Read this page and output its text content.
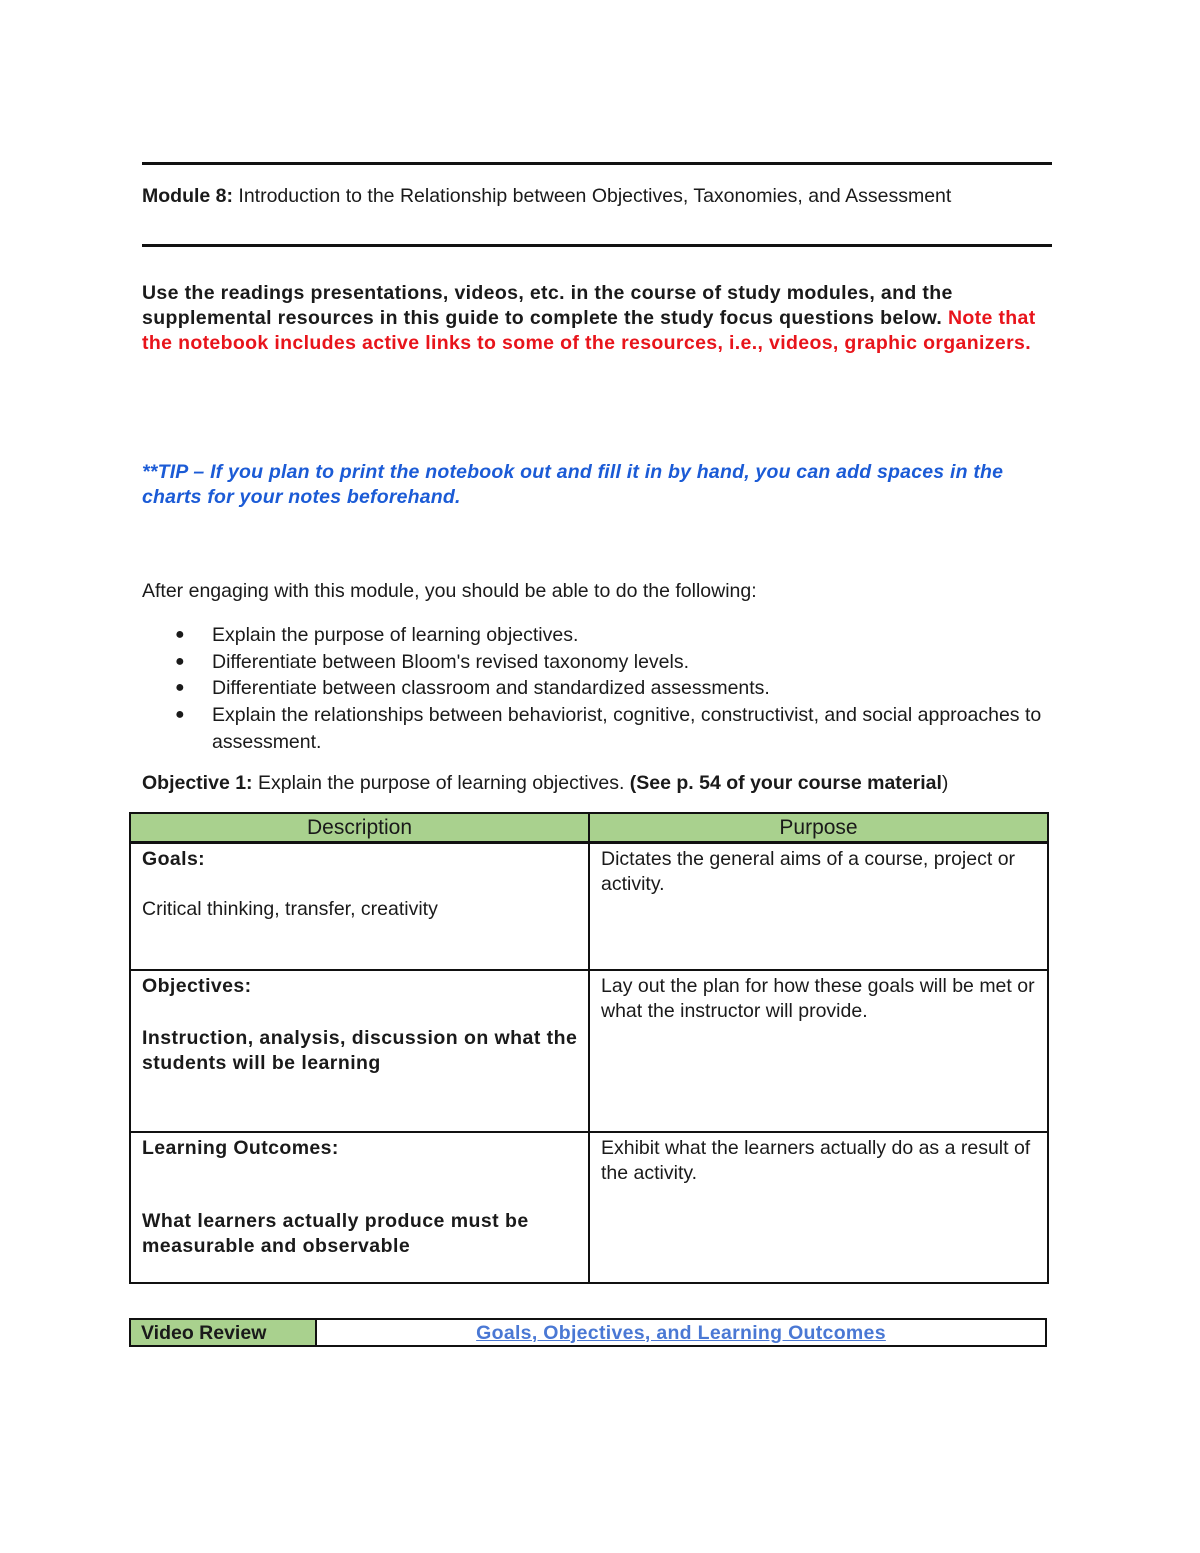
Module 8: Introduction to the Relationship between Objectives, Taxonomies, and Assessment
Use the readings presentations, videos, etc. in the course of study modules, and the supplemental resources in this guide to complete the study focus questions below. Note that the notebook includes active links to some of the resources, i.e., videos, graphic organizers.
**TIP – If you plan to print the notebook out and fill it in by hand, you can add spaces in the charts for your notes beforehand.
After engaging with this module, you should be able to do the following:
● Explain the purpose of learning objectives.
● Differentiate between Bloom's revised taxonomy levels.
● Differentiate between classroom and standardized assessments.
● Explain the relationships between behaviorist, cognitive, constructivist, and social approaches to assessment.
Objective 1: Explain the purpose of learning objectives. (See p. 54 of your course material)
Description	Purpose

Goals:
Critical thinking, transfer, creativity	Dictates the general aims of a course, project or activity.

Objectives:
Instruction, analysis, discussion on what the students will be learning	Lay out the plan for how these goals will be met or what the instructor will provide.

Learning Outcomes:
What learners actually produce must be measurable and observable	Exhibit what the learners actually do as a result of the activity.
Video Review	Goals, Objectives, and Learning Outcomes
